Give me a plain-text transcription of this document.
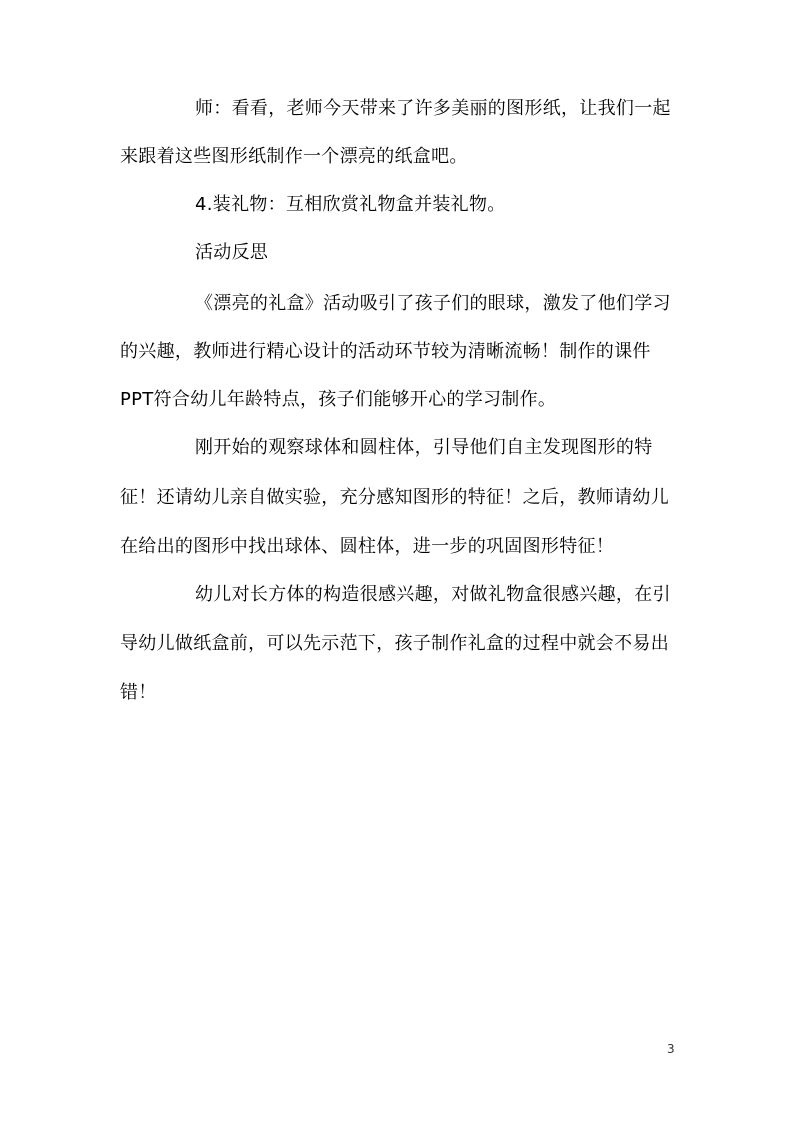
师：看看，老师今天带来了许多美丽的图形纸，让我们一起
来跟着这些图形纸制作一个漂亮的纸盒吧。
4.装礼物：互相欣赏礼物盒并装礼物。
活动反思
《漂亮的礼盒》活动吸引了孩子们的眼球，激发了他们学习
的兴趣，教师进行精心设计的活动环节较为清晰流畅！制作的课件
PPT符合幼儿年龄特点，孩子们能够开心的学习制作。
刚开始的观察球体和圆柱体，引导他们自主发现图形的特
征！还请幼儿亲自做实验，充分感知图形的特征！之后，教师请幼儿
在给出的图形中找出球体、圆柱体，进一步的巩固图形特征！
幼儿对长方体的构造很感兴趣，对做礼物盒很感兴趣，在引
导幼儿做纸盒前，可以先示范下，孩子制作礼盒的过程中就会不易出
错！
3
